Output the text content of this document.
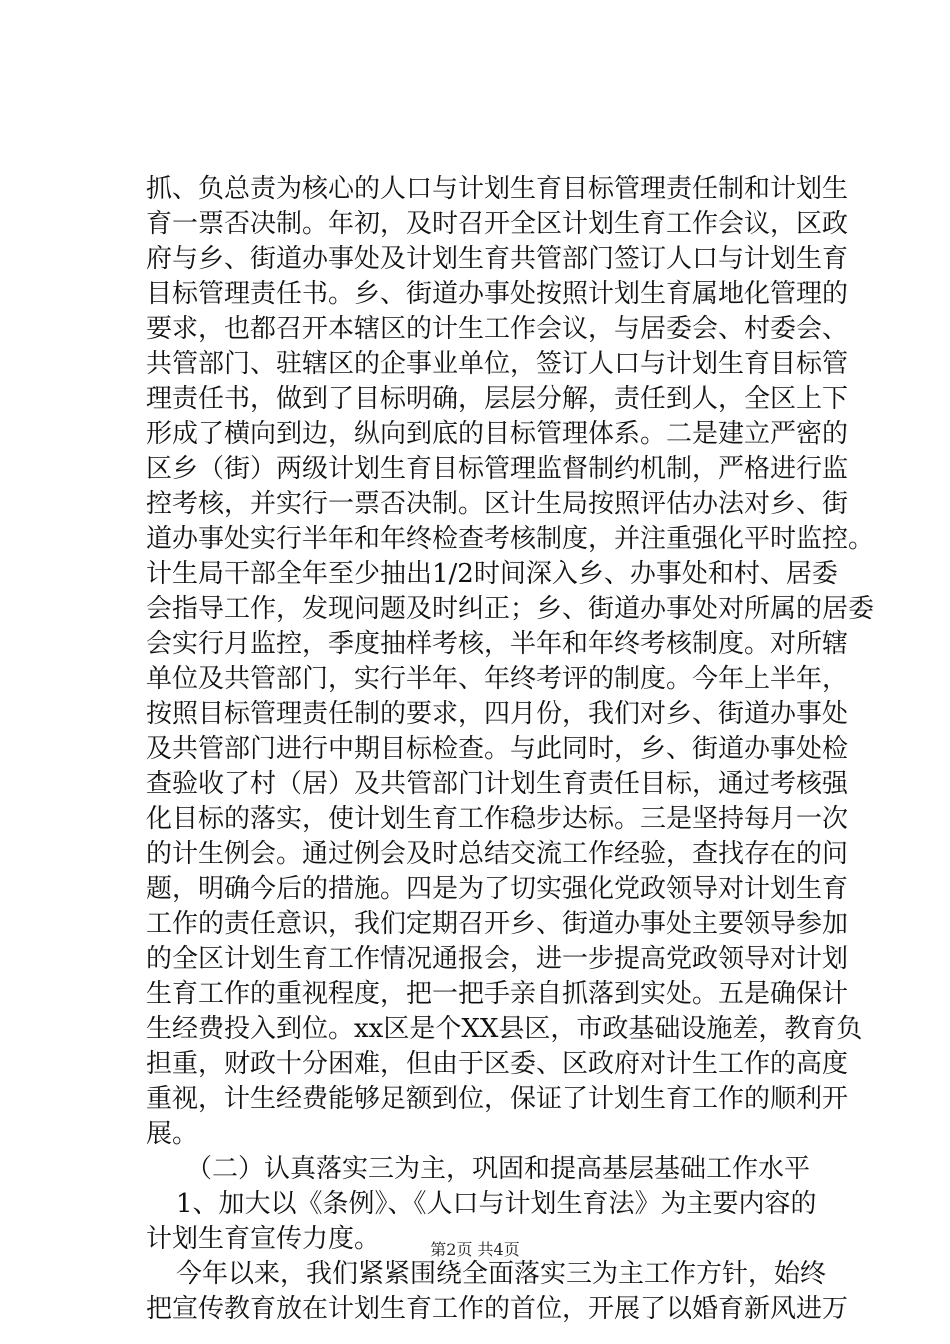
抓、负总责为核心的人口与计划生育目标管理责任制和计划生
育一票否决制。年初，及时召开全区计划生育工作会议，区政
府与乡、街道办事处及计划生育共管部门签订人口与计划生育
目标管理责任书。乡、街道办事处按照计划生育属地化管理的
要求，也都召开本辖区的计生工作会议，与居委会、村委会、
共管部门、驻辖区的企事业单位，签订人口与计划生育目标管
理责任书，做到了目标明确，层层分解，责任到人，全区上下
形成了横向到边，纵向到底的目标管理体系。二是建立严密的
区乡（街）两级计划生育目标管理监督制约机制，严格进行监
控考核，并实行一票否决制。区计生局按照评估办法对乡、街
道办事处实行半年和年终检查考核制度，并注重强化平时监控。
计生局干部全年至少抽出1/2时间深入乡、办事处和村、居委
会指导工作，发现问题及时纠正；乡、街道办事处对所属的居委
会实行月监控，季度抽样考核，半年和年终考核制度。对所辖
单位及共管部门，实行半年、年终考评的制度。今年上半年，
按照目标管理责任制的要求，四月份，我们对乡、街道办事处
及共管部门进行中期目标检查。与此同时，乡、街道办事处检
查验收了村（居）及共管部门计划生育责任目标，通过考核强
化目标的落实，使计划生育工作稳步达标。三是坚持每月一次
的计生例会。通过例会及时总结交流工作经验，查找存在的问
题，明确今后的措施。四是为了切实强化党政领导对计划生育
工作的责任意识，我们定期召开乡、街道办事处主要领导参加
的全区计划生育工作情况通报会，进一步提高党政领导对计划
生育工作的重视程度，把一把手亲自抓落到实处。五是确保计
生经费投入到位。xx区是个XX县区，市政基础设施差，教育负
担重，财政十分困难，但由于区委、区政府对计生工作的高度
重视，计生经费能够足额到位，保证了计划生育工作的顺利开
展。
（二）认真落实三为主，巩固和提高基层基础工作水平
1、加大以《条例》、《人口与计划生育法》为主要内容的
计划生育宣传力度。
今年以来，我们紧紧围绕全面落实三为主工作方针，始终
把宣传教育放在计划生育工作的首位，开展了以婚育新风进万
第2页 共4页
